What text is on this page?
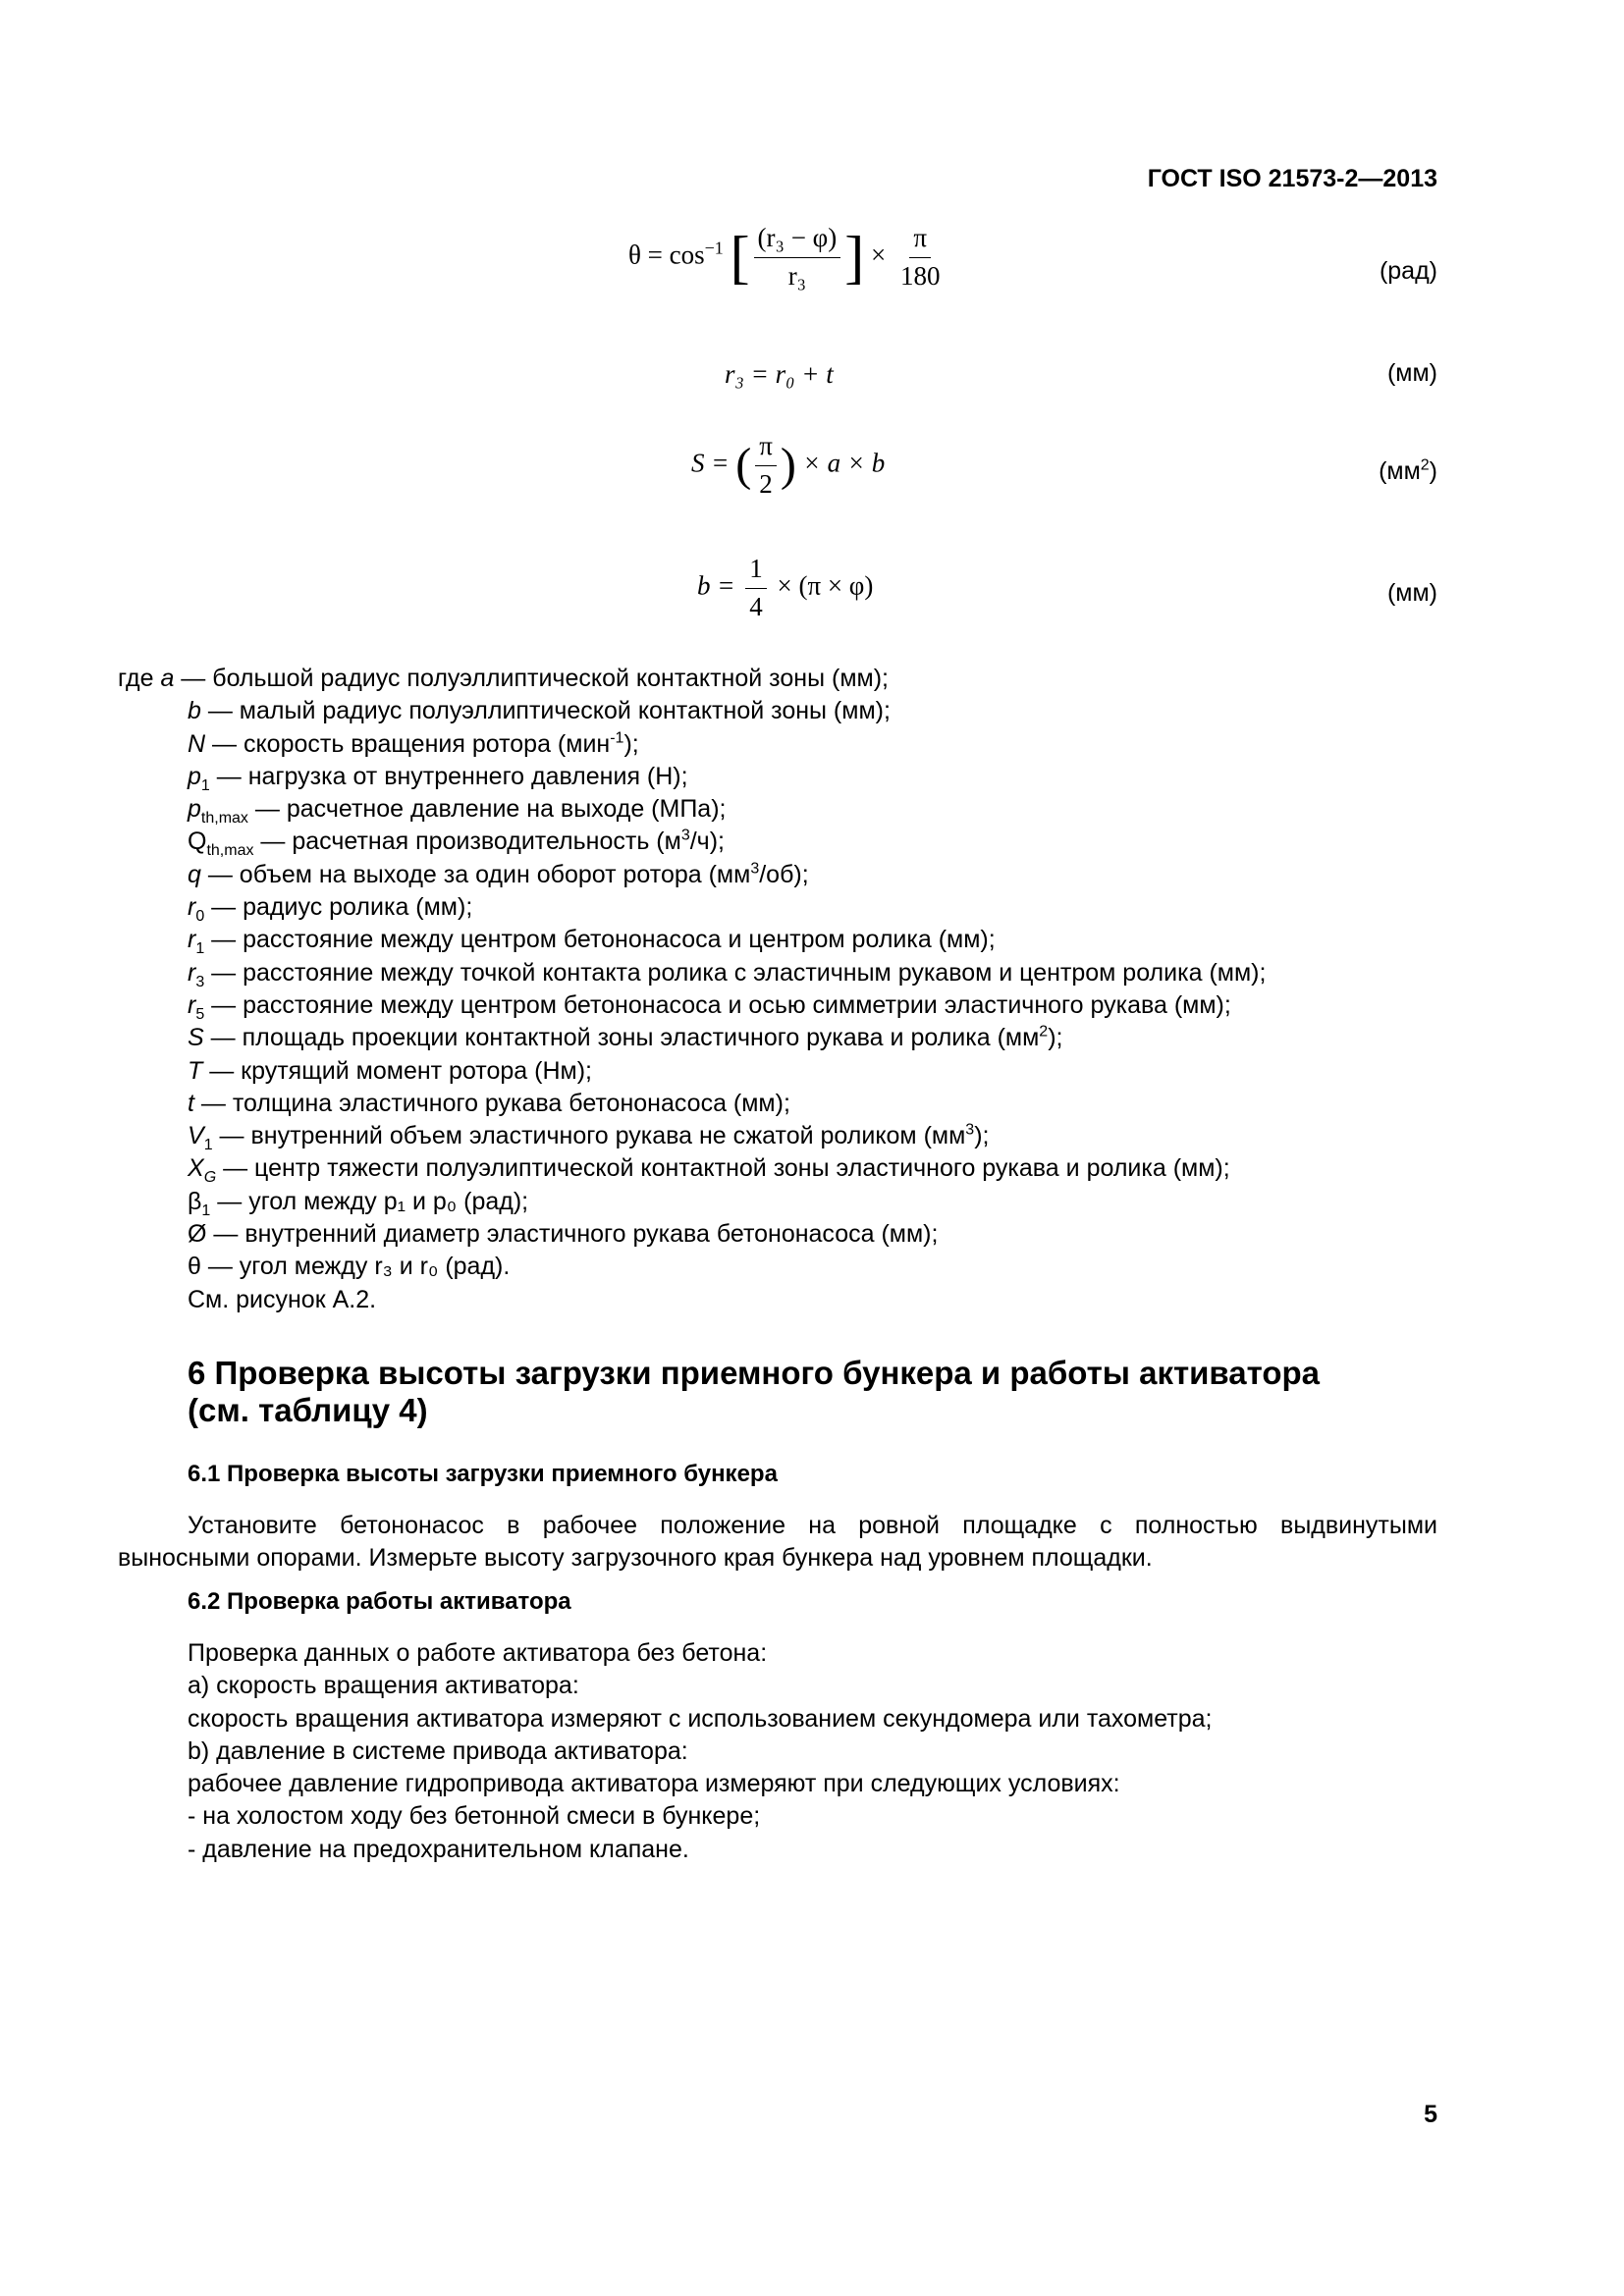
ГОСТ ISO 21573-2—2013
$\theta = \cos^{-1}$ [ $\frac{\text{(r₃ − φ)}}{\text{r₃}}$ ] × $\frac{\pi}{180}$	(рад)
r₃ = r₀ + t	(мм)
S = ( $\frac{\pi}{2}$ ) × a × b	$(мм^2)$
$b = \frac{1}{4} \times (\pi \times \varphi)$	(мм)
где a — большой радиус полуэллиптической контактной зоны (мм);
b — малый радиус полуэллиптической контактной зоны (мм);
N — скорость вращения ротора (мин$^{-1}$);
$p_1$ — нагрузка от внутреннего давления (Н);
$p_{th,max}$ — расчетное давление на выходе (МПа);
$Q_{th,max}$ — расчетная производительность $(м^3/ч)$;
q — объем на выходе за один оборот ротора $(мм^3/об)$;
$r_0$ — радиус ролика (мм);
$r_1$ — расстояние между центром бетононасоса и центром ролика (мм);
$r_3$ — расстояние между точкой контакта ролика с эластичным рукавом и центром ролика (мм);
$r_5$ — расстояние между центром бетононасоса и осью симметрии эластичного рукава (мм);
S — площадь проекции контактной зоны эластичного рукава и ролика $(мм^2)$;
T — крутящий момент ротора (Нм);
t — толщина эластичного рукава бетононасоса (мм);
$V_1$ — внутренний объем эластичного рукава не сжатой роликом $(мм^3)$;
$X_G$ — центр тяжести полуэлиптической контактной зоны эластичного рукава и ролика (мм);
$\beta_1$ — угол между p₁ и p₀ (рад);
Ø — внутренний диаметр эластичного рукава бетононасоса (мм);
θ — угол между r₃ и r₀ (рад).
См. рисунок А.2.
6 Проверка высоты загрузки приемного бункера и работы активатора
(см. таблицу 4)
6.1 Проверка высоты загрузки приемного бункера
Установите бетононасос в рабочее положение на ровной площадке с полностью выдвинутыми
выносными опорами. Измерьте высоту загрузочного края бункера над уровнем площадки.
6.2 Проверка работы активатора
Проверка данных о работе активатора без бетона:
a) скорость вращения активатора:
скорость вращения активатора измеряют с использованием секундомера или тахометра;
b) давление в системе привода активатора:
рабочее давление гидропривода активатора измеряют при следующих условиях:
- на холостом ходу без бетонной смеси в бункере;
- давление на предохранительном клапане.
5
